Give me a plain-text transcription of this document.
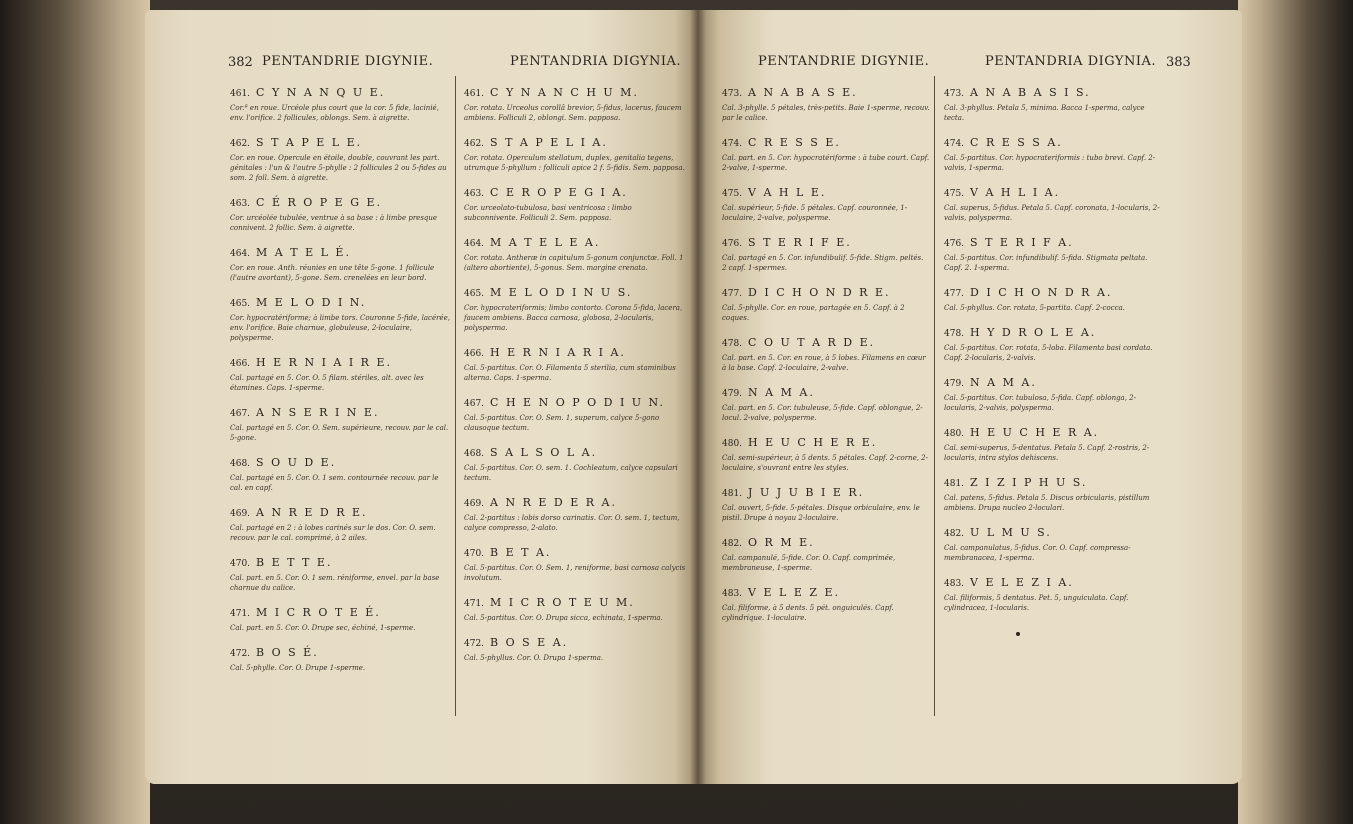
382 PENTANDRIE DIGYNIE.	PENTANDRIA DIGYNIA.	PENTANDRIE DIGYNIE.	PENTANDRIA DIGYNIA. 383
461. C Y N A N Q U E.
Cor.ª en roue. Urcéole plus court que la cor. 5 fide, lacinié, env. l'orifice. 2 follicules, oblongs. Sem. à aigrette.
462. S T A P E L E.
Cor. en roue. Opercule en étoile, double, couvrant les part. génitales : l'un & l'autre 5-phylle : 2 follicules 2 ou 5-fides au som. 2 foll. Sem. à aigrette.
463. C É R O P E G E.
Cor. urcéolée tubulée, ventrue à sa base : à limbe presque connivent. 2 follic. Sem. à aigrette.
464. M A T E L É.
Cor. en roue. Anth. réunies en une tête 5-gone. 1 follicule (l'autre avortant), 5-gone. Sem. crenelées en leur bord.
465. M E L O D I N.
Cor. hypocratériforme; à limbe tors. Couronne 5-fide, lacérée, env. l'orifice. Baie charnue, globuleuse, 2-loculaire, polysperme.
466. H E R N I A I R E.
Cal. partagé en 5. Cor. O. 5 filam. stériles, alt. avec les étamines. Caps. 1-sperme.
467. A N S E R I N E.
Cal. partagé en 5. Cor. O. Sem. supérieure, recouv. par le cal. 5-gone.
468. S O U D E.
Cal. partagé en 5. Cor. O. 1 sem. contournée recouv. par le cal. en capf.
469. A N R E D R E.
Cal. partagé en 2 : à lobes carinés sur le dos. Cor. O. sem. recouv. par le cal. comprimé, à 2 ailes.
470. B E T T E.
Cal. part. en 5. Cor. O. 1 sem. réniforme, envel. par la base charnue du calice.
471. M I C R O T E É.
Cal. part. en 5. Cor. O. Drupe sec, échiné, 1-sperme.
472. B O S É.
Cal. 5-phylle. Cor. O. Drupe 1-sperme.
461. C Y N A N C H U M.
Cor. rotata. Urceolus corollâ brevior, 5-fidus, lacerus, faucem ambiens. Folliculi 2, oblongi. Sem. papposa.
462. S T A P E L I A.
Cor. rotata. Operculum stellatum, duplex, genitalia tegens, utrumque 5-phyllum : folliculi apice 2 f. 5-fidis. Sem. papposa.
463. C E R O P E G I A.
Cor. urceolato-tubulosa, basi ventricosa : limbo subconnivente. Folliculi 2. Sem. papposa.
464. M A T E L E A.
Cor. rotata. Antheræ in capitulum 5-gonum conjunctæ. Foll. 1 (altero abortiente), 5-gonus. Sem. margine crenata.
465. M E L O D I N U S.
Cor. hypocrateriformis; limbo contorto. Corona 5-fida, lacera, faucem ambiens. Bacca carnosa, globosa, 2-locularis, polysperma.
466. H E R N I A R I A.
Cal. 5-partitus. Cor. O. Filamenta 5 sterilia, cum staminibus alterna. Caps. 1-sperma.
467. C H E N O P O D I U N.
Cal. 5-partitus. Cor. O. Sem. 1, superum, calyce 5-gono clausoque tectum.
468. S A L S O L A.
Cal. 5-partitus. Cor. O. sem. 1. Cochleatum, calyce capsulari tectum.
469. A N R E D E R A.
Cal. 2-partitus : lobis dorso carinatis. Cor. O. sem. 1, tectum, calyce compresso, 2-alato.
470. B E T A.
Cal. 5-partitus. Cor. O. Sem. 1, reniforme, basi carnosa calycis involutum.
471. M I C R O T E U M.
Cal. 5-partitus. Cor. O. Drupa sicca, echinata, 1-sperma.
472. B O S E A.
Cal. 5-phyllus. Cor. O. Drupa 1-sperma.
473. A N A B A S E.
Cal. 3-phylle. 5 pétales, très-petits. Baie 1-sperme, recouv. par le calice.
474. C R E S S E.
Cal. part. en 5. Cor. hypocratériforme : à tube court. Capf. 2-valve, 1-sperme.
475. V A H L E.
Cal. supérieur, 5-fide. 5 pétales. Capf. couronnée, 1-loculaire, 2-valve, polysperme.
476. S T E R I F E.
Cal. partagé en 5. Cor. infundibulif. 5-fide. Stigm. peltés. 2 capf. 1-spermes.
477. D I C H O N D R E.
Cal. 5-phylle. Cor. en roue, partagée en 5. Capf. à 2 coques.
478. C O U T A R D E.
Cal. part. en 5. Cor. en roue, à 5 lobes. Filamens en cœur à la base. Capf. 2-loculaire, 2-valve.
479. N A M A.
Cal. part. en 5. Cor. tubuleuse, 5-fide. Capf. oblongue, 2-locul. 2-valve, polysperme.
480. H E U C H E R E.
Cal. semi-supérieur, à 5 dents. 5 pétales. Capf. 2-corne, 2-loculaire, s'ouvrant entre les styles.
481. J U J U B I E R.
Cal. ouvert, 5-fide. 5-pétales. Disque orbiculaire, env. le pistil. Drupe à noyau 2-loculaire.
482. O R M E.
Cal. campanulé, 5-fide. Cor. O. Capf. comprimée, membraneuse, 1-sperme.
483. V E L E Z E.
Cal. filiforme, à 5 dents. 5 pét. onguiculés. Capf. cylindrique. 1-loculaire.
473. A N A B A S I S.
Cal. 3-phyllus. Petala 5, minima. Bacca 1-sperma, calyce tecta.
474. C R E S S A.
Cal. 5-partitus. Cor. hypocrateriformis : tubo brevi. Capf. 2-valvis, 1-sperma.
475. V A H L I A.
Cal. superus, 5-fidus. Petala 5. Capf. coronata, 1-locularis, 2-valvis, polysperma.
476. S T E R I F A.
Cal. 5-partitus. Cor. infundibulif. 5-fida. Stigmata peltata. Capf. 2. 1-sperma.
477. D I C H O N D R A.
Cal. 5-phyllus. Cor. rotata, 5-partita. Capf. 2-cocca.
478. H Y D R O L E A.
Cal. 5-partitus. Cor. rotata, 5-loba. Filamenta basi cordata. Capf. 2-locularis, 2-valvis.
479. N A M A.
Cal. 5-partitus. Cor. tubulosa, 5-fida. Capf. oblonga, 2-locularis, 2-valvis, polysperma.
480. H E U C H E R A.
Cal. semi-superus, 5-dentatus. Petala 5. Capf. 2-rostris, 2-locularis, intra stylos dehiscens.
481. Z I Z I P H U S.
Cal. patens, 5-fidus. Petala 5. Discus orbicularis, pistillum ambiens. Drupa nucleo 2-loculari.
482. U L M U S.
Cal. campanulatus, 5-fidus. Cor. O. Capf. compressa-membranacea, 1-sperma.
483. V E L E Z I A.
Cal. filiformis, 5 dentatus. Pet. 5, unguiculata. Capf. cylindracea, 1-locularis.
